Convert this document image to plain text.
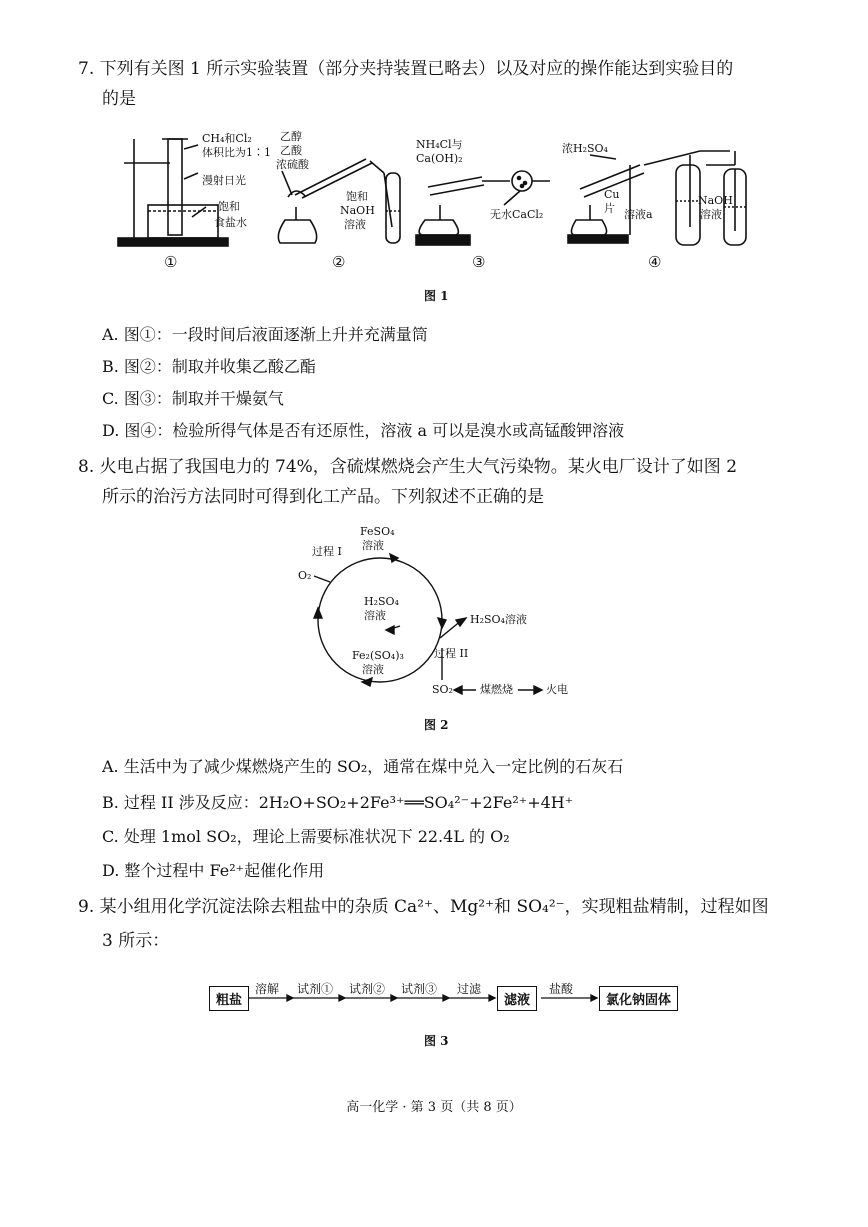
7. 下列有关图 1 所示实验装置（部分夹持装置已略去）以及对应的操作能达到实验目的
的是
CH₄和Cl₂
体积比为1∶1
漫射日光
饱和
食盐水
乙醇
乙酸
浓硫酸
饱和
NaOH
溶液
NH₄Cl与
Ca(OH)₂
无水CaCl₂
浓H₂SO₄
Cu
片 溶液a
NaOH
溶液
①	②	③	④
图 1
A. 图①：一段时间后液面逐渐上升并充满量筒
B. 图②：制取并收集乙酸乙酯
C. 图③：制取并干燥氨气
D. 图④：检验所得气体是否有还原性，溶液 a 可以是溴水或高锰酸钾溶液
8. 火电占据了我国电力的 74%，含硫煤燃烧会产生大气污染物。某火电厂设计了如图 2
所示的治污方法同时可得到化工产品。下列叙述不正确的是
FeSO₄
溶液
过程 I
O₂
H₂SO₄
溶液	H₂SO₄溶液
Fe₂(SO₄)₃
溶液
过程 II
SO₂ 煤燃烧	火电
图 2
A. 生活中为了减少煤燃烧产生的 SO₂，通常在煤中兑入一定比例的石灰石
B. 过程 II 涉及反应：2H₂O+SO₂+2Fe³⁺══SO₄²⁻+2Fe²⁺+4H⁺
C. 处理 1mol SO₂，理论上需要标准状况下 22.4L 的 O₂
D. 整个过程中 Fe²⁺起催化作用
9. 某小组用化学沉淀法除去粗盐中的杂质 Ca²⁺、Mg²⁺和 SO₄²⁻，实现粗盐精制，过程如图
3 所示：
粗盐
溶解 试剂① 试剂② 试剂③ 过滤
滤液
盐酸
氯化钠固体
图 3
高一化学 · 第 3 页（共 8 页）
